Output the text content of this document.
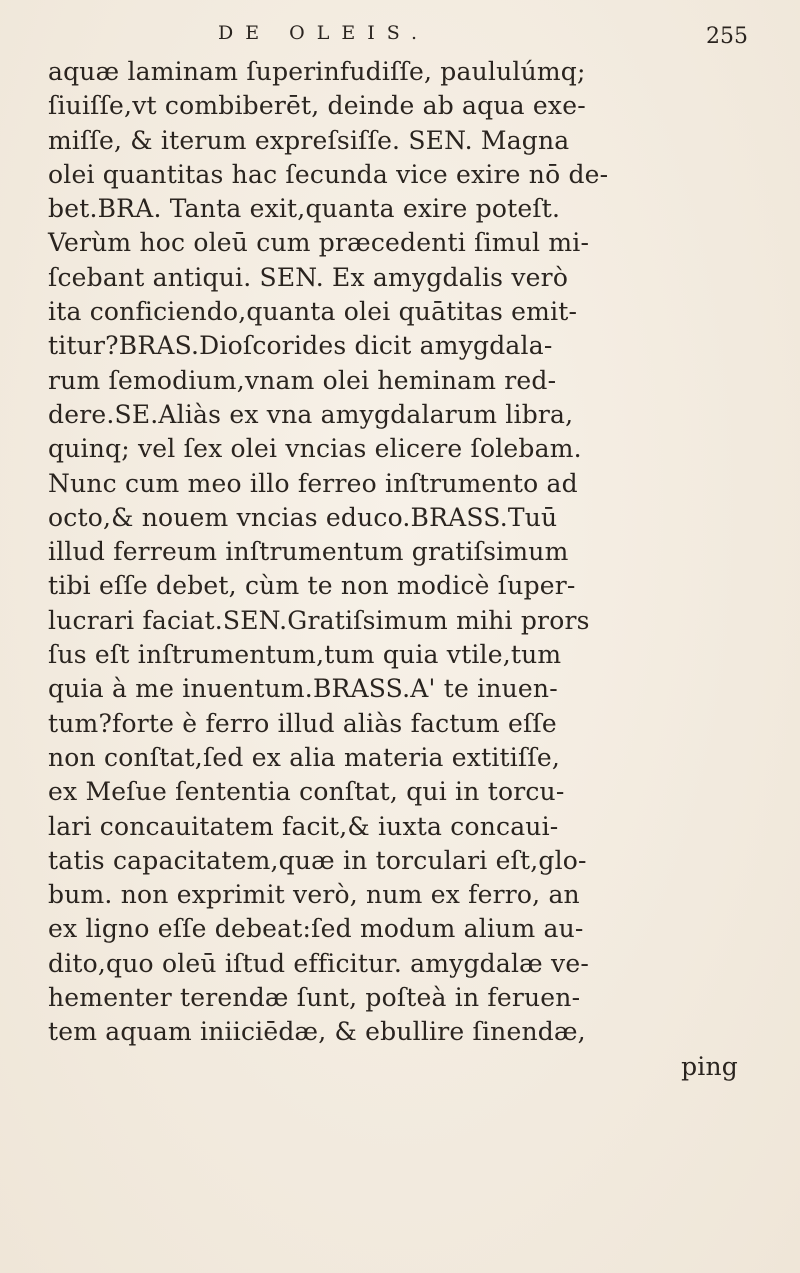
DE OLEIS.	255
aquæ laminam ſuperinfudiſſe, paululúmq;
ſiuiſſe,vt combiberēt, deinde ab aqua exe-
miſſe, & iterum expreſsiſſe. SEN. Magna
olei quantitas hac ſecunda vice exire nō de-
bet.BRA. Tanta exit,quanta exire poteſt.
Verùm hoc oleū cum præcedenti ſimul mi-
ſcebant antiqui. SEN. Ex amygdalis verò
ita conficiendo,quanta olei quātitas emit-
titur?BRAS.Dioſcorides dicit amygdala-
rum ſemodium,vnam olei heminam red-
dere.SE.Aliàs ex vna amygdalarum libra,
quinq; vel ſex olei vncias elicere ſolebam.
Nunc cum meo illo ferreo inſtrumento ad
octo,& nouem vncias educo.BRASS.Tuū
illud ferreum inſtrumentum gratiſsimum
tibi eſſe debet, cùm te non modicè ſuper-
lucrari faciat.SEN.Gratiſsimum mihi prors
ſus eſt inſtrumentum,tum quia vtile,tum
quia à me inuentum.BRASS.A' te inuen-
tum?forte è ferro illud aliàs factum eſſe
non conſtat,ſed ex alia materia extitiſſe,
ex Meſue ſententia conſtat, qui in torcu-
lari concauitatem facit,& iuxta concaui-
tatis capacitatem,quæ in torculari eſt,glo-
bum. non exprimit verò, num ex ferro, an
ex ligno eſſe debeat:ſed modum alium au-
dito,quo oleū iſtud efficitur. amygdalæ ve-
hementer terendæ ſunt, poſteà in feruen-
tem aquam iniiciēdæ, & ebullire ſinendæ,
ping
